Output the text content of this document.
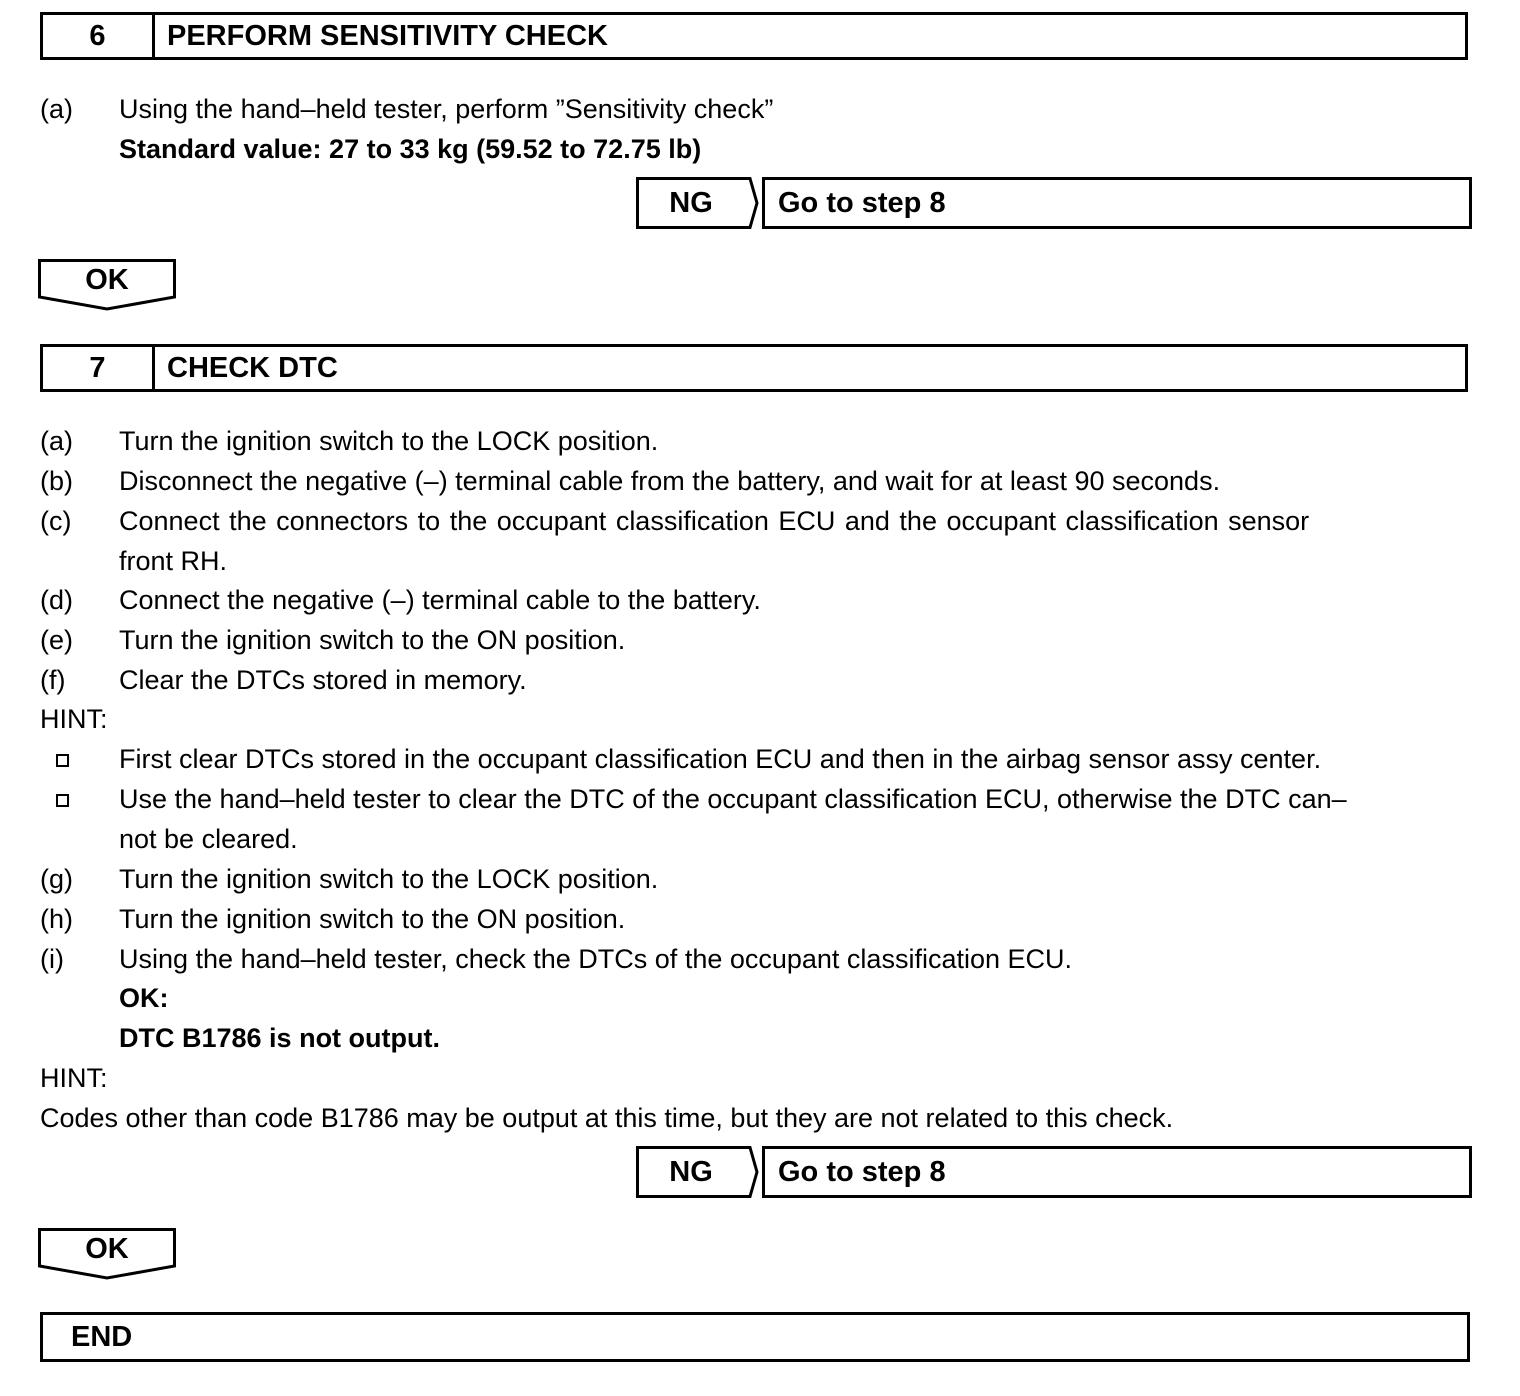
6	PERFORM SENSITIVITY CHECK
(a)	Using the hand–held tester, perform ”Sensitivity check”
Standard value: 27 to 33 kg (59.52 to 72.75 lb)
NG	Go to step 8
OK
7	CHECK DTC
(a)	Turn the ignition switch to the LOCK position.
(b)	Disconnect the negative (–) terminal cable from the battery, and wait for at least 90 seconds.
(c)	Connect the connectors to the occupant classification ECU and the occupant classification sensor
front RH.
(d)	Connect the negative (–) terminal cable to the battery.
(e)	Turn the ignition switch to the ON position.
(f)	Clear the DTCs stored in memory.
HINT:
First clear DTCs stored in the occupant classification ECU and then in the airbag sensor assy center.
Use the hand–held tester to clear the DTC of the occupant classification ECU, otherwise the DTC can–
not be cleared.
(g)	Turn the ignition switch to the LOCK position.
(h)	Turn the ignition switch to the ON position.
(i)	Using the hand–held tester, check the DTCs of the occupant classification ECU.
OK:
DTC B1786 is not output.
HINT:
Codes other than code B1786 may be output at this time, but they are not related to this check.
NG	Go to step 8
OK
END
